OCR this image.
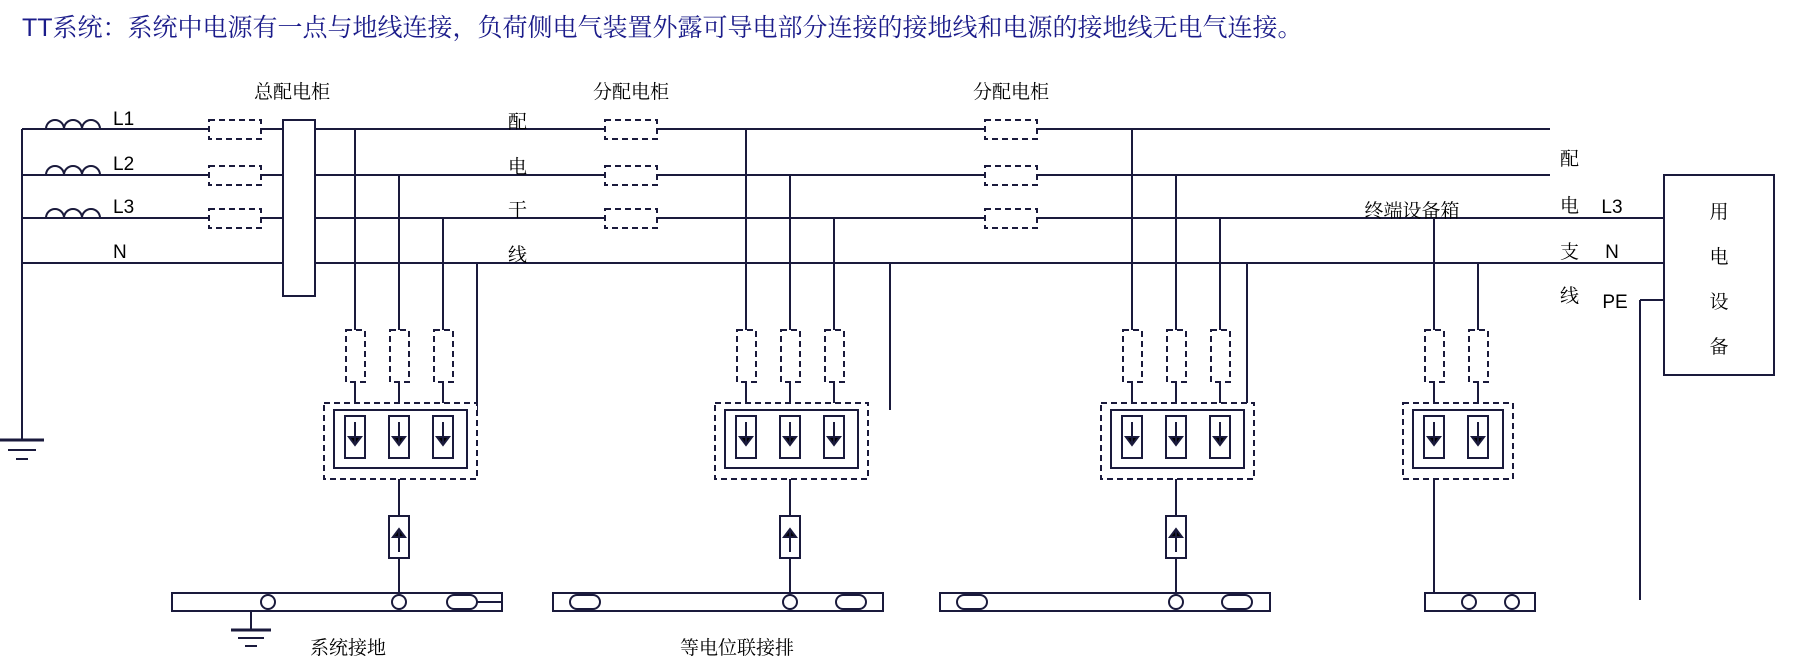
TT系统：系统中电源有一点与地线连接，负荷侧电气装置外露可导电部分连接的接地线和电源的接地线无电气连接。
L1
L2
L3
N
总配电柜	分配电柜	分配电柜
终端设备箱
配
电
干
线
配
电
支
线
L3
N
PE
用
电
设
备
系统接地	等电位联接排
